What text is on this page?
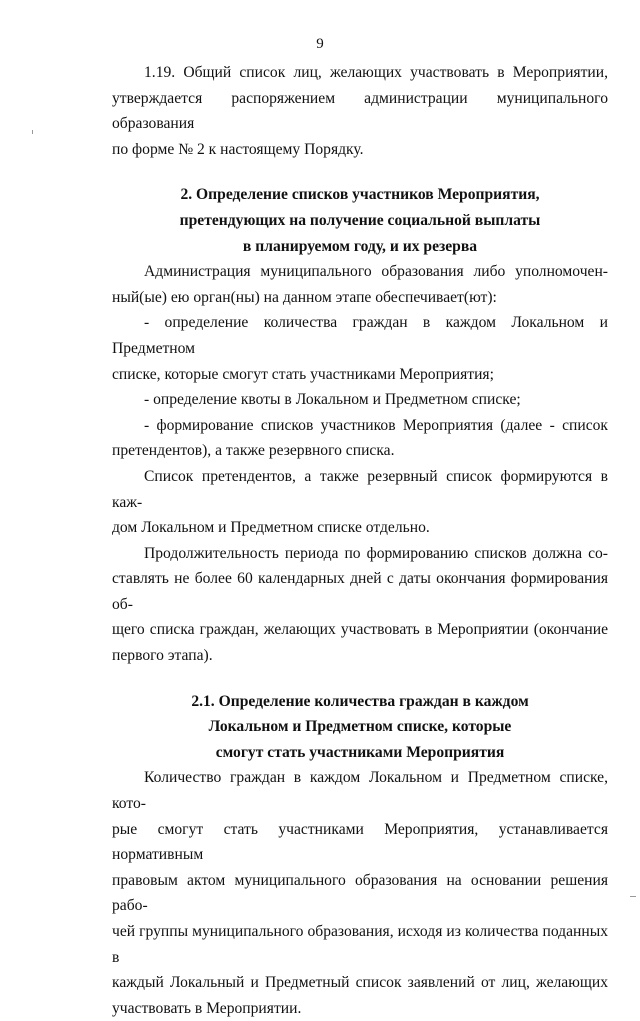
9
1.19. Общий список лиц, желающих участвовать в Мероприятии,
утверждается распоряжением администрации муниципального образования
по форме № 2 к настоящему Порядку.
2. Определение списков участников Мероприятия,
претендующих на получение социальной выплаты
в планируемом году, и их резерва
Администрация муниципального образования либо уполномочен-
ный(ые) ею орган(ны) на данном этапе обеспечивает(ют):
- определение количества граждан в каждом Локальном и Предметном
списке, которые смогут стать участниками Мероприятия;
- определение квоты в Локальном и Предметном списке;
- формирование списков участников Мероприятия (далее - список
претендентов), а также резервного списка.
Список претендентов, а также резервный список формируются в каж-
дом Локальном и Предметном списке отдельно.
Продолжительность периода по формированию списков должна со-
ставлять не более 60 календарных дней с даты окончания формирования об-
щего списка граждан, желающих участвовать в Мероприятии (окончание
первого этапа).
2.1. Определение количества граждан в каждом
Локальном и Предметном списке, которые
смогут стать участниками Мероприятия
Количество граждан в каждом Локальном и Предметном списке, кото-
рые смогут стать участниками Мероприятия, устанавливается нормативным
правовым актом муниципального образования на основании решения рабо-
чей группы муниципального образования, исходя из количества поданных в
каждый Локальный и Предметный список заявлений от лиц, желающих
участвовать в Мероприятии.
